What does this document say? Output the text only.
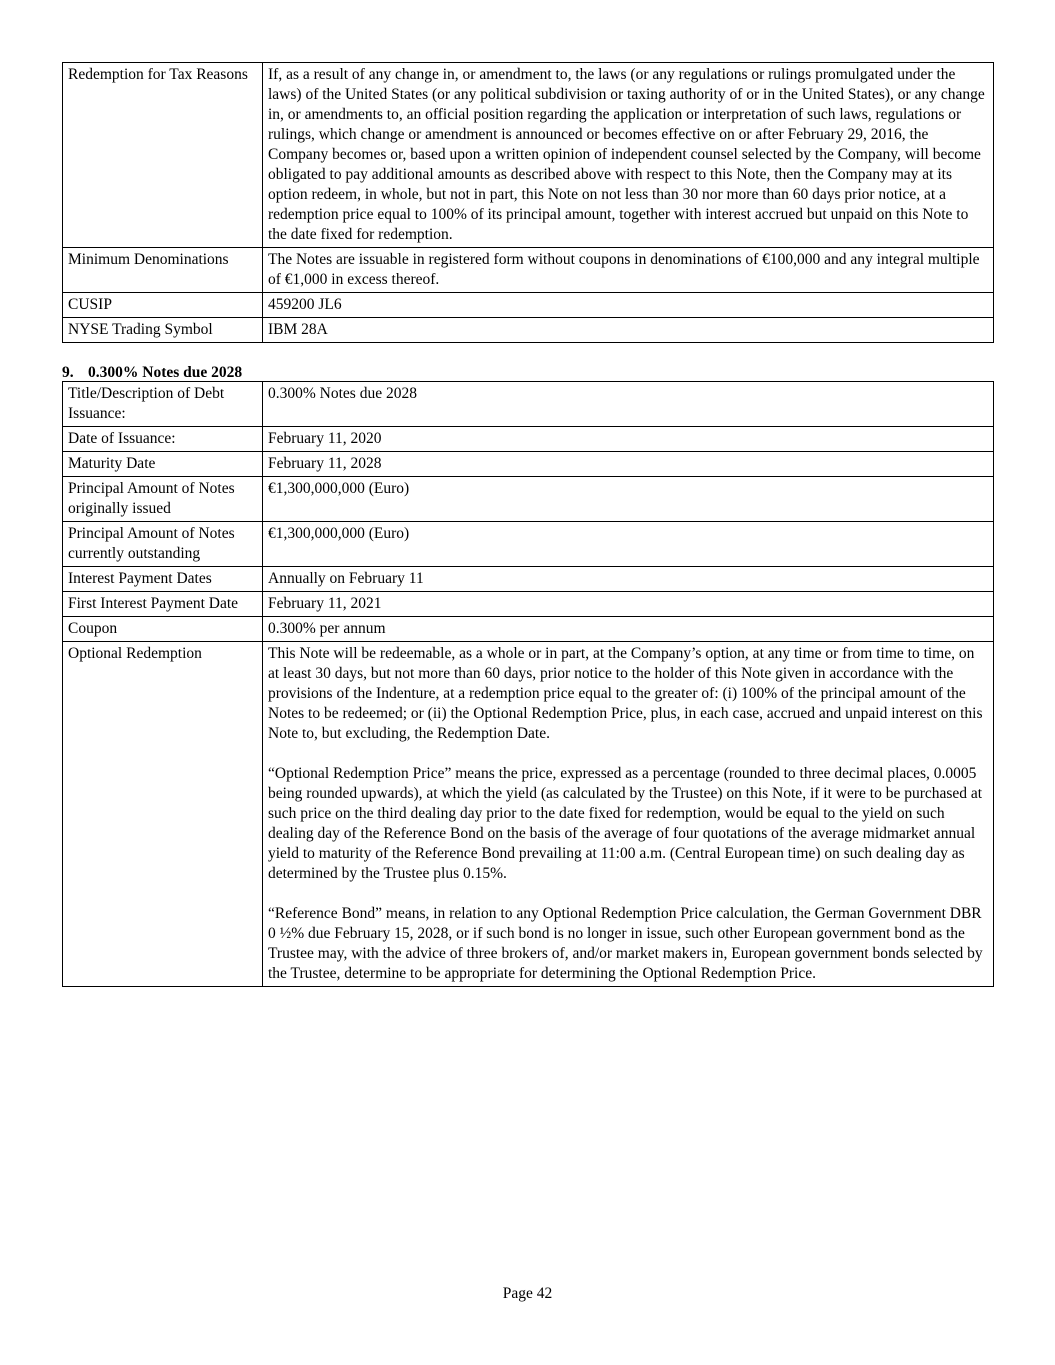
Redemption for Tax Reasons	If, as a result of any change in, or amendment to, the laws (or any regulations or rulings promulgated under the laws) of the United States (or any political subdivision or taxing authority of or in the United States), or any change in, or amendments to, an official position regarding the application or interpretation of such laws, regulations or rulings, which change or amendment is announced or becomes effective on or after February 29, 2016, the Company becomes or, based upon a written opinion of independent counsel selected by the Company, will become obligated to pay additional amounts as described above with respect to this Note, then the Company may at its option redeem, in whole, but not in part, this Note on not less than 30 nor more than 60 days prior notice, at a redemption price equal to 100% of its principal amount, together with interest accrued but unpaid on this Note to the date fixed for redemption.
Minimum Denominations	The Notes are issuable in registered form without coupons in denominations of €100,000 and any integral multiple of €1,000 in excess thereof.
CUSIP	459200 JL6
NYSE Trading Symbol	IBM 28A
9. 0.300% Notes due 2028
Title/Description of Debt Issuance:	0.300% Notes due 2028
Date of Issuance:	February 11, 2020
Maturity Date	February 11, 2028
Principal Amount of Notes originally issued	€1,300,000,000 (Euro)
Principal Amount of Notes currently outstanding	€1,300,000,000 (Euro)
Interest Payment Dates	Annually on February 11
First Interest Payment Date	February 11, 2021
Coupon	0.300% per annum
Optional Redemption	This Note will be redeemable, as a whole or in part, at the Company’s option, at any time or from time to time, on at least 30 days, but not more than 60 days, prior notice to the holder of this Note given in accordance with the provisions of the Indenture, at a redemption price equal to the greater of: (i) 100% of the principal amount of the Notes to be redeemed; or (ii) the Optional Redemption Price, plus, in each case, accrued and unpaid interest on this Note to, but excluding, the Redemption Date.
“Optional Redemption Price” means the price, expressed as a percentage (rounded to three decimal places, 0.0005 being rounded upwards), at which the yield (as calculated by the Trustee) on this Note, if it were to be purchased at such price on the third dealing day prior to the date fixed for redemption, would be equal to the yield on such dealing day of the Reference Bond on the basis of the average of four quotations of the average midmarket annual yield to maturity of the Reference Bond prevailing at 11:00 a.m. (Central European time) on such dealing day as determined by the Trustee plus 0.15%.
“Reference Bond” means, in relation to any Optional Redemption Price calculation, the German Government DBR 0 ½% due February 15, 2028, or if such bond is no longer in issue, such other European government bond as the Trustee may, with the advice of three brokers of, and/or market makers in, European government bonds selected by the Trustee, determine to be appropriate for determining the Optional Redemption Price.
Page 42
